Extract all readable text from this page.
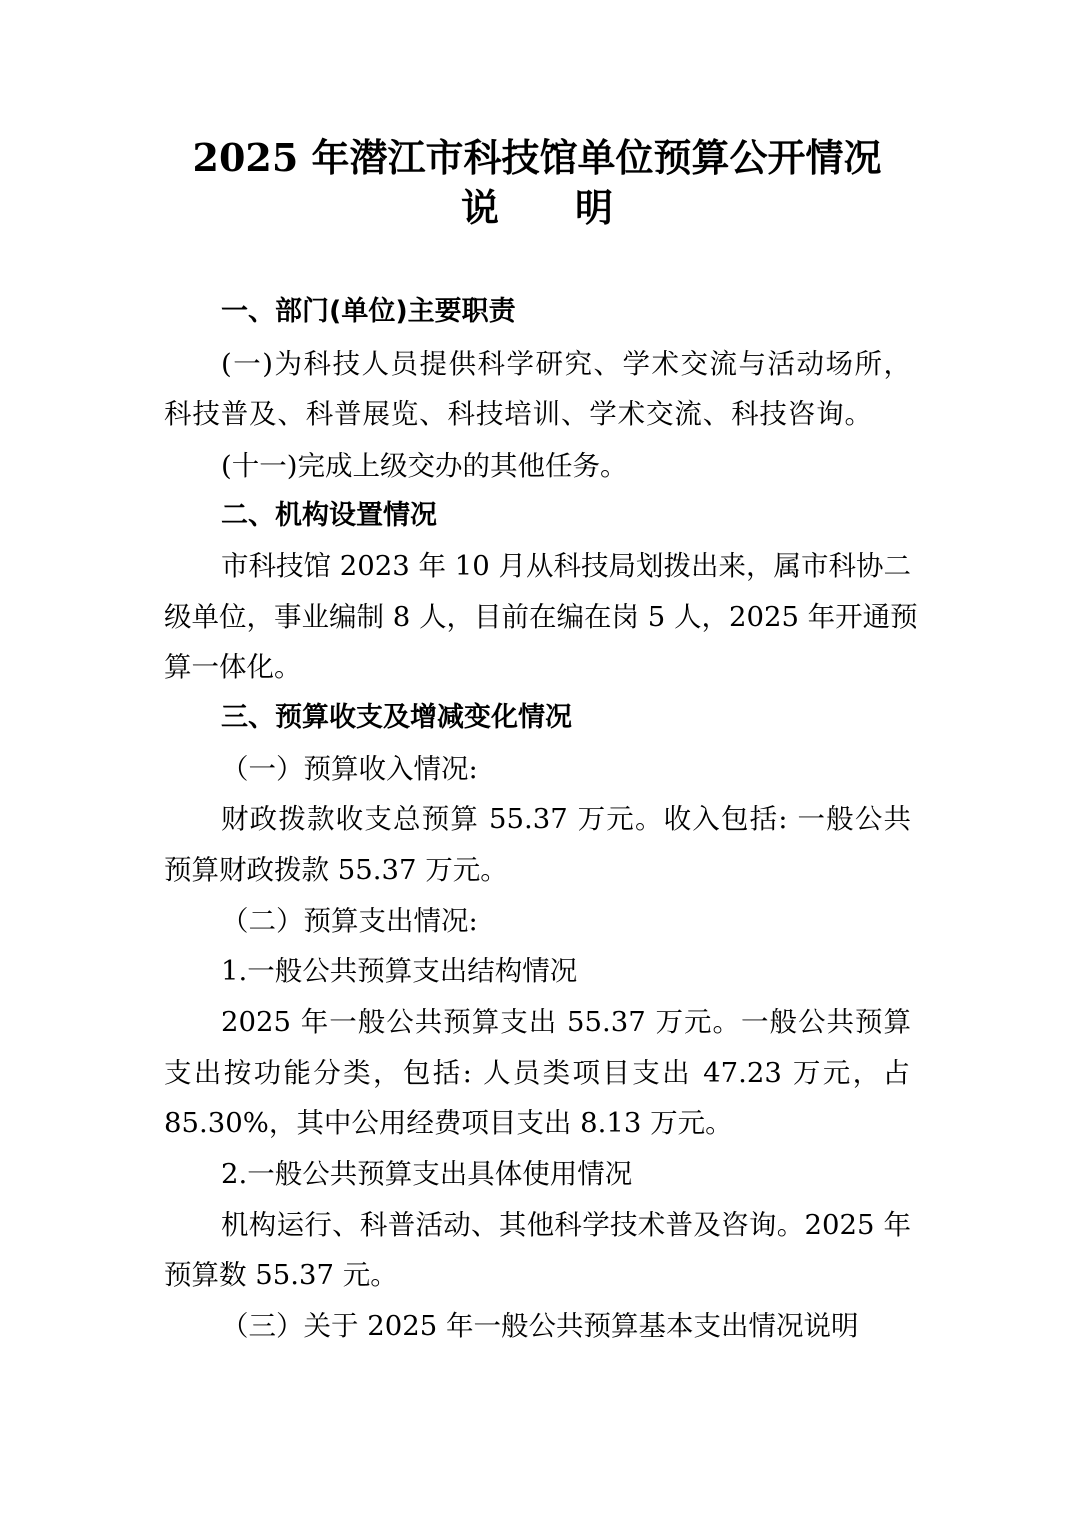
2025 年潜江市科技馆单位预算公开情况
说 明
一、部门(单位)主要职责
(一)为科技人员提供科学研究、学术交流与活动场所，
科技普及、科普展览、科技培训、学术交流、科技咨询。
(十一)完成上级交办的其他任务。
二、机构设置情况
市科技馆 2023 年 10 月从科技局划拨出来，属市科协二
级单位，事业编制 8 人，目前在编在岗 5 人，2025 年开通预
算一体化。
三、预算收支及增减变化情况
（一）预算收入情况:
财政拨款收支总预算 55.37 万元。收入包括: 一般公共
预算财政拨款 55.37 万元。
（二）预算支出情况:
1.一般公共预算支出结构情况
2025 年一般公共预算支出 55.37 万元。一般公共预算
支出按功能分类，包括: 人员类项目支出 47.23 万元，占
85.30%，其中公用经费项目支出 8.13 万元。
2.一般公共预算支出具体使用情况
机构运行、科普活动、其他科学技术普及咨询。2025 年
预算数 55.37 元。
（三）关于 2025 年一般公共预算基本支出情况说明
